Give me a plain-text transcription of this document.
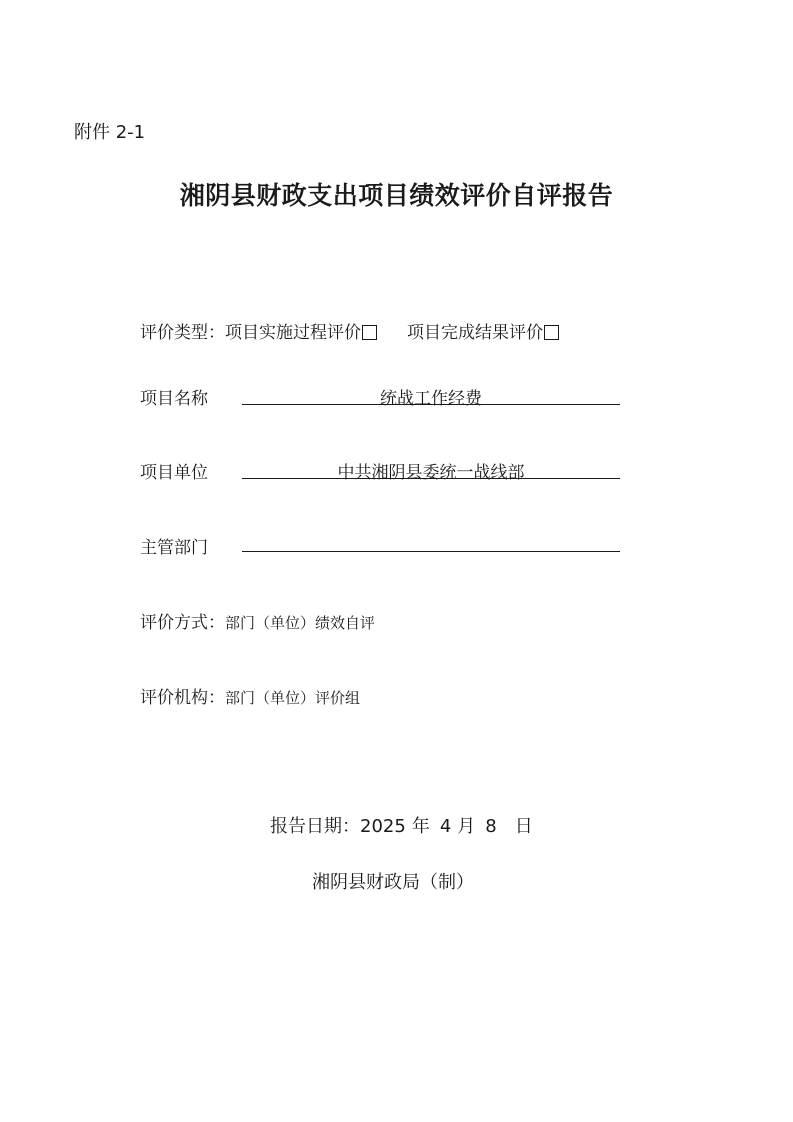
附件 2-1
湘阴县财政支出项目绩效评价自评报告
评价类型：项目实施过程评价	项目完成结果评价
项目名称	统战工作经费
项目单位	中共湘阴县委统一战线部
主管部门
评价方式：部门（单位）绩效自评
评价机构：部门（单位）评价组
报告日期：2025 年 4 月 8 日
湘阴县财政局（制）
